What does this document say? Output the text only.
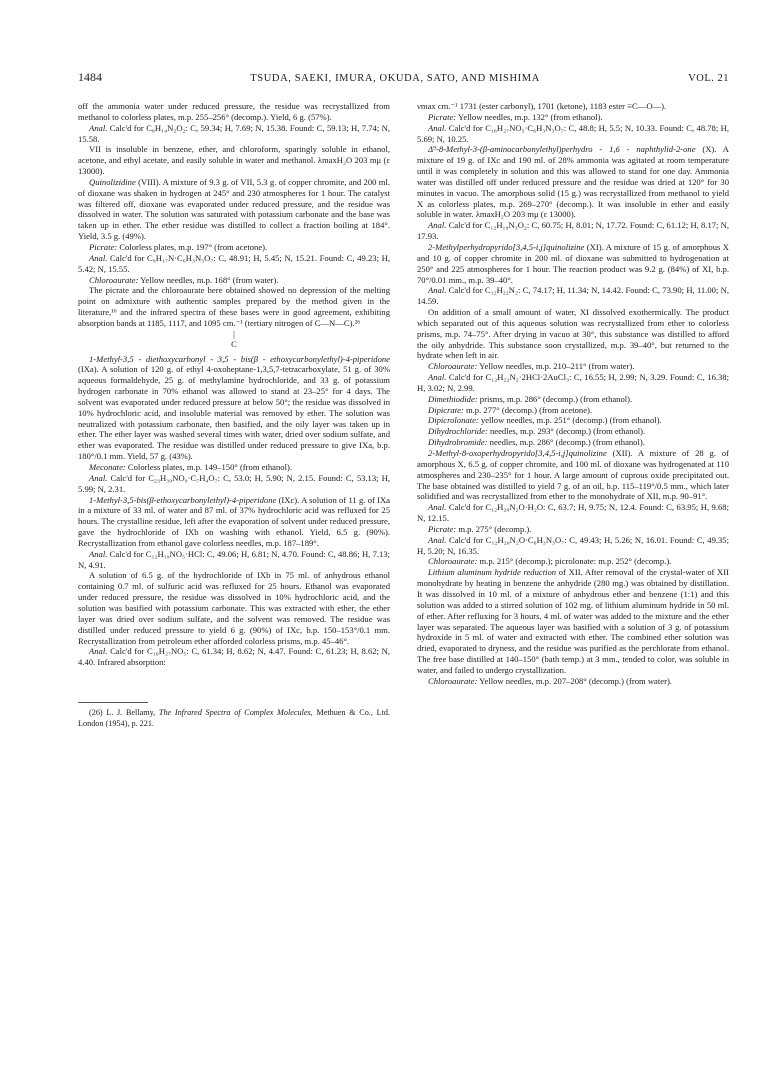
1484	TSUDA, SAEKI, IMURA, OKUDA, SATO, AND MISHIMA	VOL. 21

off the ammonia water under reduced pressure, the residue was recrystallized from methanol to colorless plates, m.p. 255–256° (decomp.). Yield, 6 g. (57%).

Anal. Calc'd for C₈H₁₄N₂O₂: C, 59.34; H, 7.69; N, 15.38. Found: C, 59.13; H, 7.74; N, 15.58.

VII is insoluble in benzene, ether, and chloroform, sparingly soluble in ethanol, acetone, and ethyl acetate, and easily soluble in water and methanol. λmaxH₂O 203 mμ (ε 13000).

Quinolizidine (VIII). A mixture of 9.3 g. of VII, 5.3 g. of copper chromite, and 200 ml. of dioxane was shaken in hydrogen at 245° and 230 atmospheres for 1 hour. The catalyst was filtered off, dioxane was evaporated under reduced pressure, and the residue was dissolved in water. The solution was saturated with potassium carbonate and the base was taken up in ether. The ether residue was distilled to collect a fraction boiling at 184°. Yield, 3.5 g. (49%).

Picrate: Colorless plates, m.p. 197° (from acetone).

Anal. Calc'd for C₉H₁₇N·C₆H₃N₃O₇: C, 48.91; H, 5.45; N, 15.21. Found: C, 49.23; H, 5.42; N, 15.55.

Chloroaurate: Yellow needles, m.p. 168° (from water).

The picrate and the chloroaurate here obtained showed no depression of the melting point on admixture with authentic samples prepared by the method given in the literature,¹⁶ and the infrared spectra of these bases were in good agreement, exhibiting absorption bands at 1185, 1117, and 1095 cm.⁻¹ (tertiary nitrogen of C—N—C).²⁶

|

C

1-Methyl-3,5 - diethoxycarbonyl - 3,5 - bis(β - ethoxycarbonylethyl)-4-piperidone (IXa). A solution of 120 g. of ethyl 4-oxoheptane-1,3,5,7-tetracarboxylate, 51 g. of 30% aqueous formaldehyde, 25 g. of methylamine hydrochloride, and 33 g. of potassium hydrogen carbonate in 70% ethanol was allowed to stand at 23–25° for 4 days. The solvent was evaporated under reduced pressure at below 50°; the residue was dissolved in 10% hydrochloric acid, and insoluble material was removed by ether. The solution was neutralized with potassium carbonate, then basified, and the oily layer was taken up in ether. The ether layer was washed several times with water, dried over sodium sulfate, and ether was evaporated. The residue was distilled under reduced pressure to give IXa, b.p. 180°/0.1 mm. Yield, 57 g. (43%).

Meconate: Colorless plates, m.p. 149–150° (from ethanol).

Anal. Calc'd for C₂₃H₃₉NO₉·C₇H₄O₇: C, 53.0; H, 5.90; N, 2.15. Found: C, 53.13; H, 5.99; N, 2.31.

1-Methyl-3,5-bis(β-ethoxycarbonylethyl)-4-piperidone (IXc). A solution of 11 g. of IXa in a mixture of 33 ml. of water and 87 ml. of 37% hydrochloric acid was refluxed for 25 hours. The crystalline residue, left after the evaporation of solvent under reduced pressure, gave the hydrochloride of IXb on washing with ethanol. Yield, 6.5 g. (90%). Recrystallization from ethanol gave colorless needles, m.p. 187–189°.

Anal. Calc'd for C₁₂H₁₉NO₅·HCl: C, 49.06; H, 6.81; N, 4.70. Found: C, 48.86; H, 7.13; N, 4.91.

A solution of 6.5 g. of the hydrochloride of IXb in 75 ml. of anhydrous ethanol containing 0.7 ml. of sulfuric acid was refluxed for 25 hours. Ethanol was evaporated under reduced pressure, the residue was dissolved in 10% hydrochloric acid, and the solution was basified with potassium carbonate. This was extracted with ether, the ether layer was dried over sodium sulfate, and the solvent was removed. The residue was distilled under reduced pressure to yield 6 g. (90%) of IXc, b.p. 150–153°/0.1 mm. Recrystallization from petroleum ether afforded colorless prisms, m.p. 45–46°.

Anal. Calc'd for C₁₆H₂₇NO₅: C, 61.34; H, 8.62; N, 4.47. Found: C, 61.23; H, 8.62; N, 4.40. Infrared absorption:

(26) L. J. Bellamy, The Infrared Spectra of Complex Molecules, Methuen & Co., Ltd. London (1954), p. 221.

νmax cm.⁻¹ 1731 (ester carbonyl), 1701 (ketone), 1183 ester ≡C—O—).

Picrate: Yellow needles, m.p. 132° (from ethanol).

Anal. Calc'd for C₁₆H₂₇NO₅·C₆H₃N₃O₇: C, 48.8; H, 5.5; N, 10.33. Found: C, 48.78; H, 5.69; N, 10.25.

Δ⁹-8-Methyl-3-(β-aminocarbonylethyl)perhydro - 1,6 - naphthylid-2-one (X). A mixture of 19 g. of IXc and 190 ml. of 28% ammonia was agitated at room temperature until it was completely in solution and this was allowed to stand for one day. Ammonia water was distilled off under reduced pressure and the residue was dried at 120° for 30 minutes in vacuo. The amorphous solid (15 g.) was recrystallized from methanol to yield X as colorless plates, m.p. 269–270° (decomp.). It was insoluble in ether and easily soluble in water. λmaxH₂O 203 mμ (ε 13000).

Anal. Calc'd for C₁₂H₁₉N₃O₂: C, 60.75; H, 8.01; N, 17.72. Found: C, 61.12; H, 8.17; N, 17.93.

2-Methylperhydropyrido[3,4,5-i,j]quinolizine (XI). A mixture of 15 g. of amorphous X and 10 g. of copper chromite in 200 ml. of dioxane was submitted to hydrogenation at 250° and 225 atmospheres for 1 hour. The reaction product was 9.2 g. (84%) of XI, b.p. 70°/0.01 mm., m.p. 39–40°.

Anal. Calc'd for C₁₂H₂₂N₂: C, 74.17; H, 11.34; N, 14.42. Found: C, 73.90; H, 11.00; N, 14.59.

On addition of a small amount of water, XI dissolved exothermically. The product which separated out of this aqueous solution was recrystallized from ether to colorless prisms, m.p. 74–75°. After drying in vacuo at 30°, this substance was distilled to afford the oily anhydride. This substance soon crystallized, m.p. 39–40°, but returned to the hydrate when left in air.

Chloroaurate: Yellow needles, m.p. 210–211° (from water).

Anal. Calc'd for C₁₂H₂₂N₂·2HCl·2AuCl₃: C, 16.55; H, 2.99; N, 3.29. Found: C, 16.38; H, 3.02; N, 2.99.

Dimethiodide: prisms, m.p. 286° (decomp.) (from ethanol).

Dipicrate: m.p. 277° (decomp.) (from acetone).

Dipicrolonate: yellow needles, m.p. 251° (decomp.) (from ethanol).

Dihydrochloride: needles, m.p. 293° (decomp.) (from ethanol).

Dihydrobromide: needles, m.p. 286° (decomp.) (from ethanol).

2-Methyl-8-oxoperhydropyrido[3,4,5-i,j]quinolizine (XII). A mixture of 28 g. of amorphous X, 6.5 g. of copper chromite, and 100 ml. of dioxane was hydrogenated at 110 atmospheres and 230–235° for 1 hour. A large amount of cuprous oxide precipitated out. The base obtained was distilled to yield 7 g. of an oil, b.p. 115–119°/0.5 mm., which later solidified and was recrystallized from ether to the monohydrate of XII, m.p. 90–91°.

Anal. Calc'd for C₁₂H₂₀N₂O·H₂O: C, 63.7; H, 9.75; N, 12.4. Found: C, 63.95; H, 9.68; N, 12.15.

Picrate: m.p. 275° (decomp.).

Anal. Calc'd for C₁₂H₂₀N₂O·C₆H₃N₃O₇: C, 49.43; H, 5.26; N, 16.01. Found: C, 49.35; H, 5.20; N, 16.35.

Chloroaurate: m.p. 215° (decomp.); picrolonate: m.p. 252° (decomp.).

Lithium aluminum hydride reduction of XII. After removal of the crystal-water of XII monohydrate by heating in benzene the anhydride (280 mg.) was obtained by distillation. It was dissolved in 10 ml. of a mixture of anhydrous ether and benzene (1:1) and this solution was added to a stirred solution of 102 mg. of lithium aluminum hydride in 50 ml. of ether. After refluxing for 3 hours, 4 ml. of water was added to the mixture and the ether layer was separated. The aqueous layer was basified with a solution of 3 g. of potassium hydroxide in 5 ml. of water and extracted with ether. The combined ether solution was dried, evaporated to dryness, and the residue was purified as the perchlorate from ethanol. The free base distilled at 140–150° (bath temp.) at 3 mm., tended to color, was soluble in water, and failed to undergo crystallization.

Chloroaurate: Yellow needles, m.p. 207–208° (decomp.) (from water).
